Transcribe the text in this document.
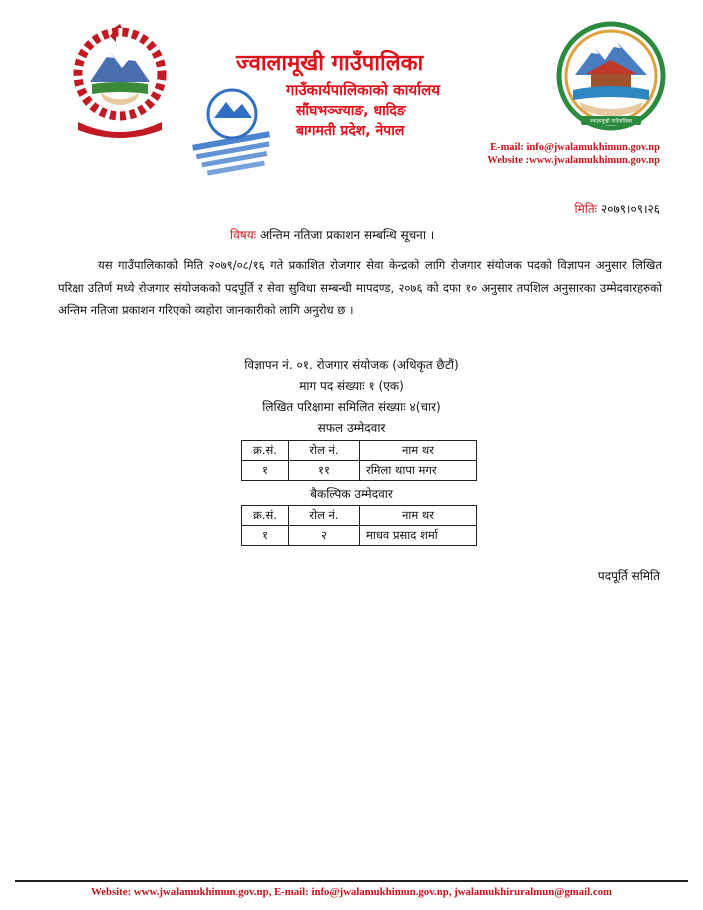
ज्वालामूखी गाउँपालिका
ज्वालामूखी गाउँपालिका
ज्वालामूखी गाउँपालिका
गाउँकार्यपालिकाको कार्यालय
सौंघभञ्ज्याङ, धादिङ
बागमती प्रदेश, नेपाल
E-mail: info@jwalamukhimun.gov.np
Website :www.jwalamukhimun.gov.np
मितिः २०७९।०९।२६
विषयः अन्तिम नतिजा प्रकाशन सम्बन्धि सूचना ।

यस गाउँपालिकाको मिति २०७९/०८/१६ गते प्रकाशित रोजगार सेवा केन्द्रको लागि रोजगार संयोजक पदको विज्ञापन अनुसार लिखित परिक्षा उतिर्ण मध्ये रोजगार संयोजकको पदपूर्ति र सेवा सुविधा सम्बन्धी मापदण्ड, २०७६ को दफा १० अनुसार तपशिल अनुसारका उम्मेदवारहरुको अन्तिम नतिजा प्रकाशन गरिएको व्यहोरा जानकारीको लागि अनुरोध छ ।

विज्ञापन नं. ०१. रोजगार संयोजक (अधिकृत छैटौं)
माग पद संख्याः १ (एक)
लिखित परिक्षामा समिलित संख्याः ४(चार)
सफल उम्मेदवार
क्र.सं.	रोल नं.	नाम थर
१	११	रमिला थापा मगर
बैकल्पिक उम्मेदवार
क्र.सं.	रोल नं.	नाम थर
१	२	माधव प्रसाद शर्मा
पदपूर्ति समिति
Website: www.jwalamukhimun.gov.np, E-mail: info@jwalamukhimun.gov.np, jwalamukhiruralmun@gmail.com
